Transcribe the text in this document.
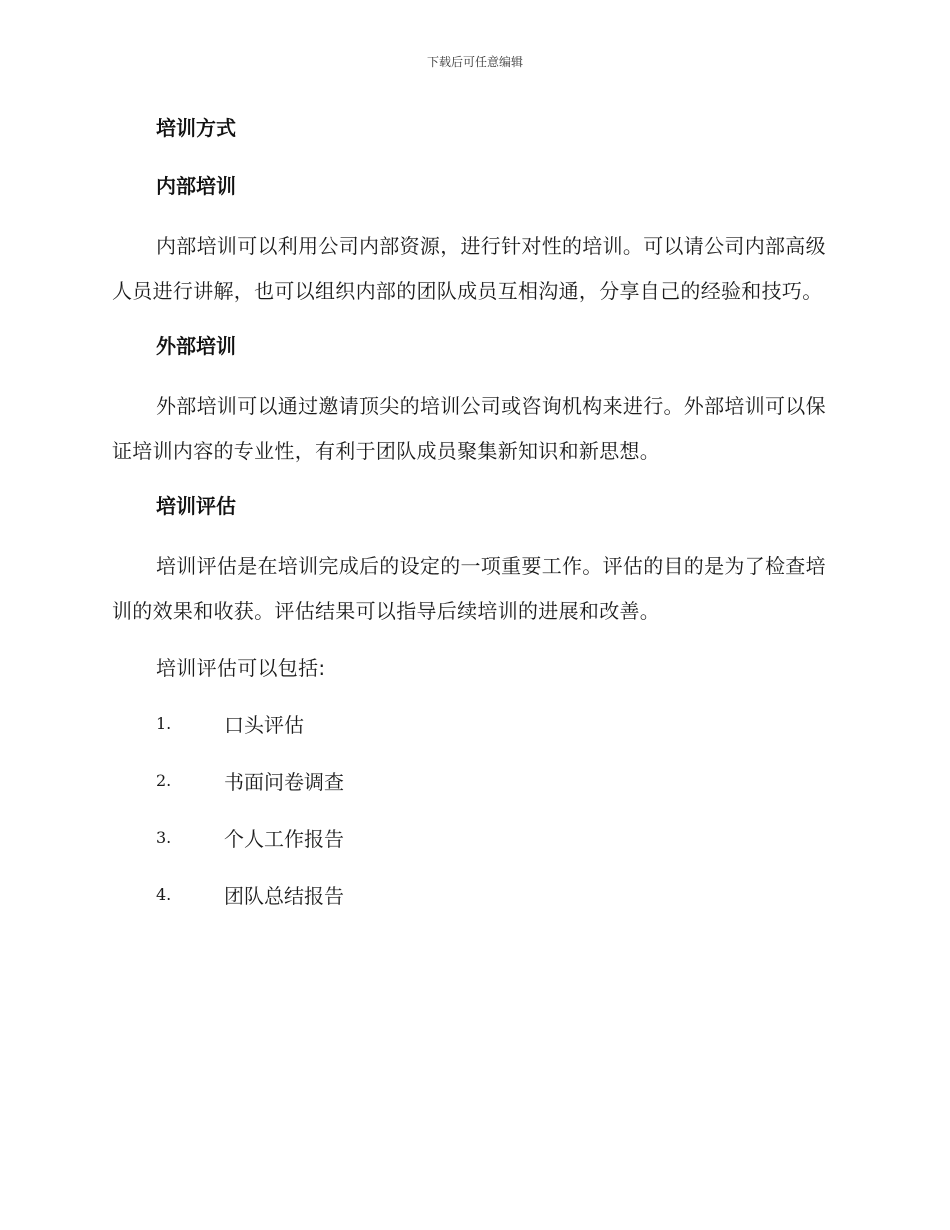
下载后可任意编辑
培训方式
内部培训

内部培训可以利用公司内部资源，进行针对性的培训。可以请公司内部高级人员进行讲解，也可以组织内部的团队成员互相沟通，分享自己的经验和技巧。

外部培训

外部培训可以通过邀请顶尖的培训公司或咨询机构来进行。外部培训可以保证培训内容的专业性，有利于团队成员聚集新知识和新思想。

培训评估

培训评估是在培训完成后的设定的一项重要工作。评估的目的是为了检查培训的效果和收获。评估结果可以指导后续培训的进展和改善。

培训评估可以包括:

1.	口头评估
2.	书面问卷调查
3.	个人工作报告
4.	团队总结报告
